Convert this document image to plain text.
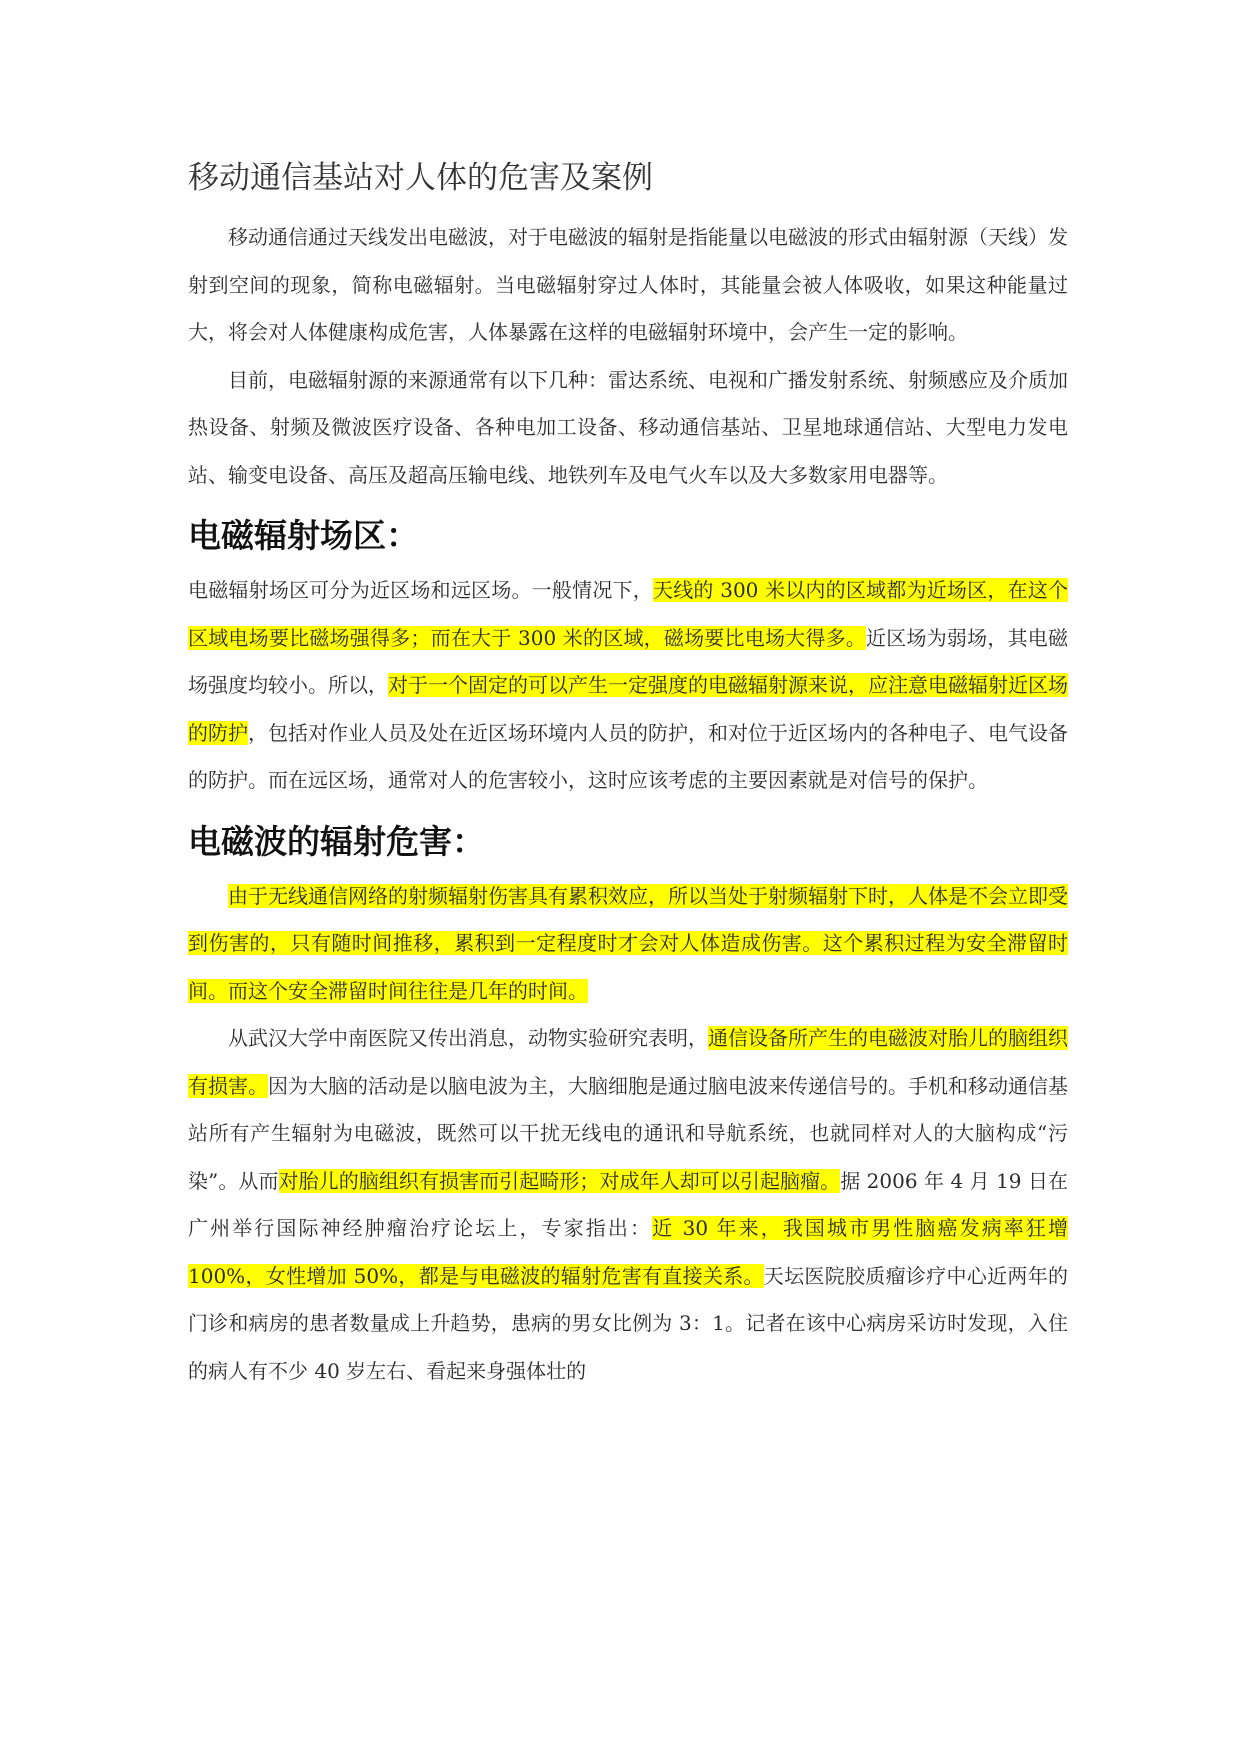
移动通信基站对人体的危害及案例

移动通信通过天线发出电磁波，对于电磁波的辐射是指能量以电磁波的形式由辐射源（天线）发射到空间的现象，简称电磁辐射。当电磁辐射穿过人体时，其能量会被人体吸收，如果这种能量过大，将会对人体健康构成危害，人体暴露在这样的电磁辐射环境中，会产生一定的影响。

目前，电磁辐射源的来源通常有以下几种：雷达系统、电视和广播发射系统、射频感应及介质加热设备、射频及微波医疗设备、各种电加工设备、移动通信基站、卫星地球通信站、大型电力发电站、输变电设备、高压及超高压输电线、地铁列车及电气火车以及大多数家用电器等。

电磁辐射场区：

电磁辐射场区可分为近区场和远区场。一般情况下，天线的 300 米以内的区域都为近场区，在这个区域电场要比磁场强得多；而在大于 300 米的区域，磁场要比电场大得多。近区场为弱场，其电磁场强度均较小。所以，对于一个固定的可以产生一定强度的电磁辐射源来说，应注意电磁辐射近区场的防护，包括对作业人员及处在近区场环境内人员的防护，和对位于近区场内的各种电子、电气设备的防护。而在远区场，通常对人的危害较小，这时应该考虑的主要因素就是对信号的保护。

电磁波的辐射危害：

由于无线通信网络的射频辐射伤害具有累积效应，所以当处于射频辐射下时，人体是不会立即受到伤害的，只有随时间推移，累积到一定程度时才会对人体造成伤害。这个累积过程为安全滞留时间。而这个安全滞留时间往往是几年的时间。

从武汉大学中南医院又传出消息，动物实验研究表明，通信设备所产生的电磁波对胎儿的脑组织有损害。因为大脑的活动是以脑电波为主，大脑细胞是通过脑电波来传递信号的。手机和移动通信基站所有产生辐射为电磁波，既然可以干扰无线电的通讯和导航系统，也就同样对人的大脑构成“污染”。从而对胎儿的脑组织有损害而引起畸形；对成年人却可以引起脑瘤。据 2006 年 4 月 19 日在广州举行国际神经肿瘤治疗论坛上，专家指出：近 30 年来，我国城市男性脑癌发病率狂增 100%，女性增加 50%，都是与电磁波的辐射危害有直接关系。天坛医院胶质瘤诊疗中心近两年的门诊和病房的患者数量成上升趋势，患病的男女比例为 3：1。记者在该中心病房采访时发现，入住的病人有不少 40 岁左右、看起来身强体壮的
